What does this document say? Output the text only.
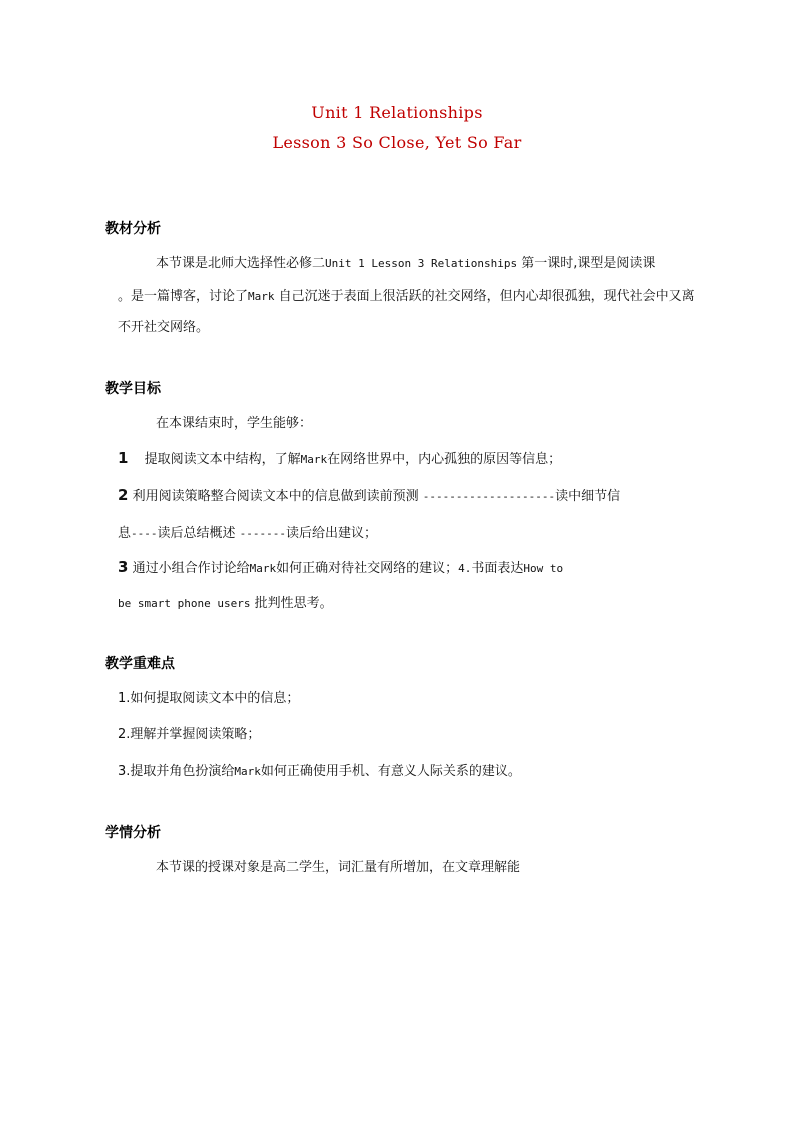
Unit 1 Relationships
Lesson 3 So Close, Yet So Far
教材分析
本节课是北师大选择性必修二Unit 1 Lesson 3 Relationships 第一课时,课型是阅读课
。是一篇博客，讨论了Mark 自己沉迷于表面上很活跃的社交网络，但内心却很孤独，现代社会中又离
不开社交网络。
教学目标
在本课结束时，学生能够：
1 提取阅读文本中结构，了解Mark在网络世界中，内心孤独的原因等信息；
2 利用阅读策略整合阅读文本中的信息做到读前预测 --------------------读中细节信
息----读后总结概述 -------读后给出建议；
3 通过小组合作讨论给Mark如何正确对待社交网络的建议；4.书面表达How to
be smart phone users 批判性思考。
教学重难点
1.如何提取阅读文本中的信息；
2.理解并掌握阅读策略；
3.提取并角色扮演给Mark如何正确使用手机、有意义人际关系的建议。
学情分析
本节课的授课对象是高二学生，词汇量有所增加，在文章理解能
